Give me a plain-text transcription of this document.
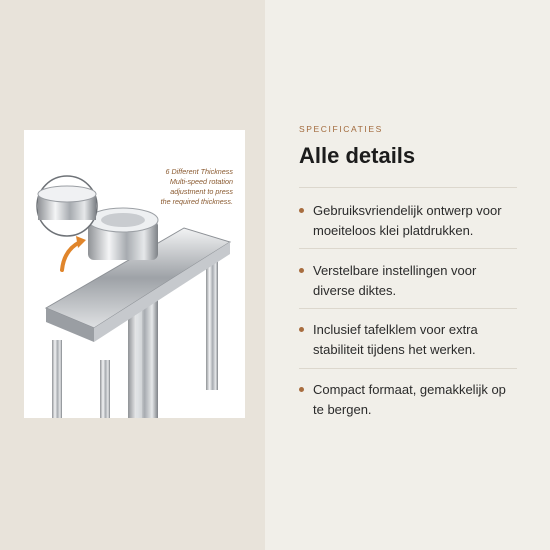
6 Different Thickness
Multi-speed rotation
adjustment to press
the required thickness.
SPECIFICATIES
Alle details
Gebruiksvriendelijk ontwerp voor moeiteloos klei platdrukken.
Verstelbare instellingen voor diverse diktes.
Inclusief tafelklem voor extra stabiliteit tijdens het werken.
Compact formaat, gemakkelijk op te bergen.
